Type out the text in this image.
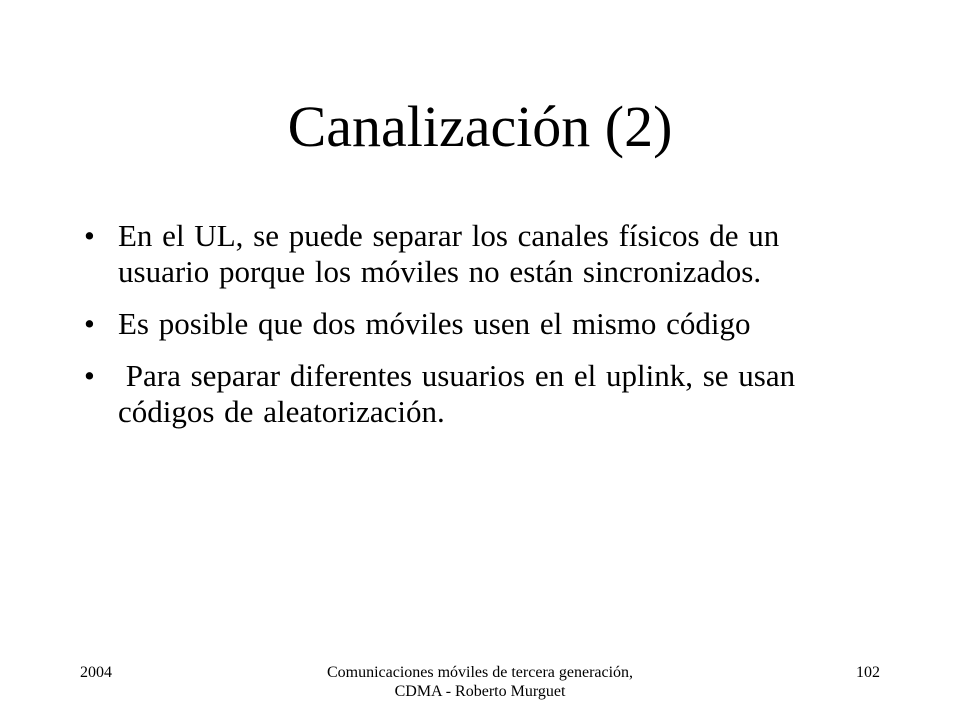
Canalización (2)
• En el UL, se puede separar los canales físicos de un usuario porque los móviles no están sincronizados.
• Es posible que dos móviles usen el mismo código
• Para separar diferentes usuarios en el uplink, se usan códigos de aleatorización.
2004	Comunicaciones móviles de tercera generación, CDMA - Roberto Murguet
102
